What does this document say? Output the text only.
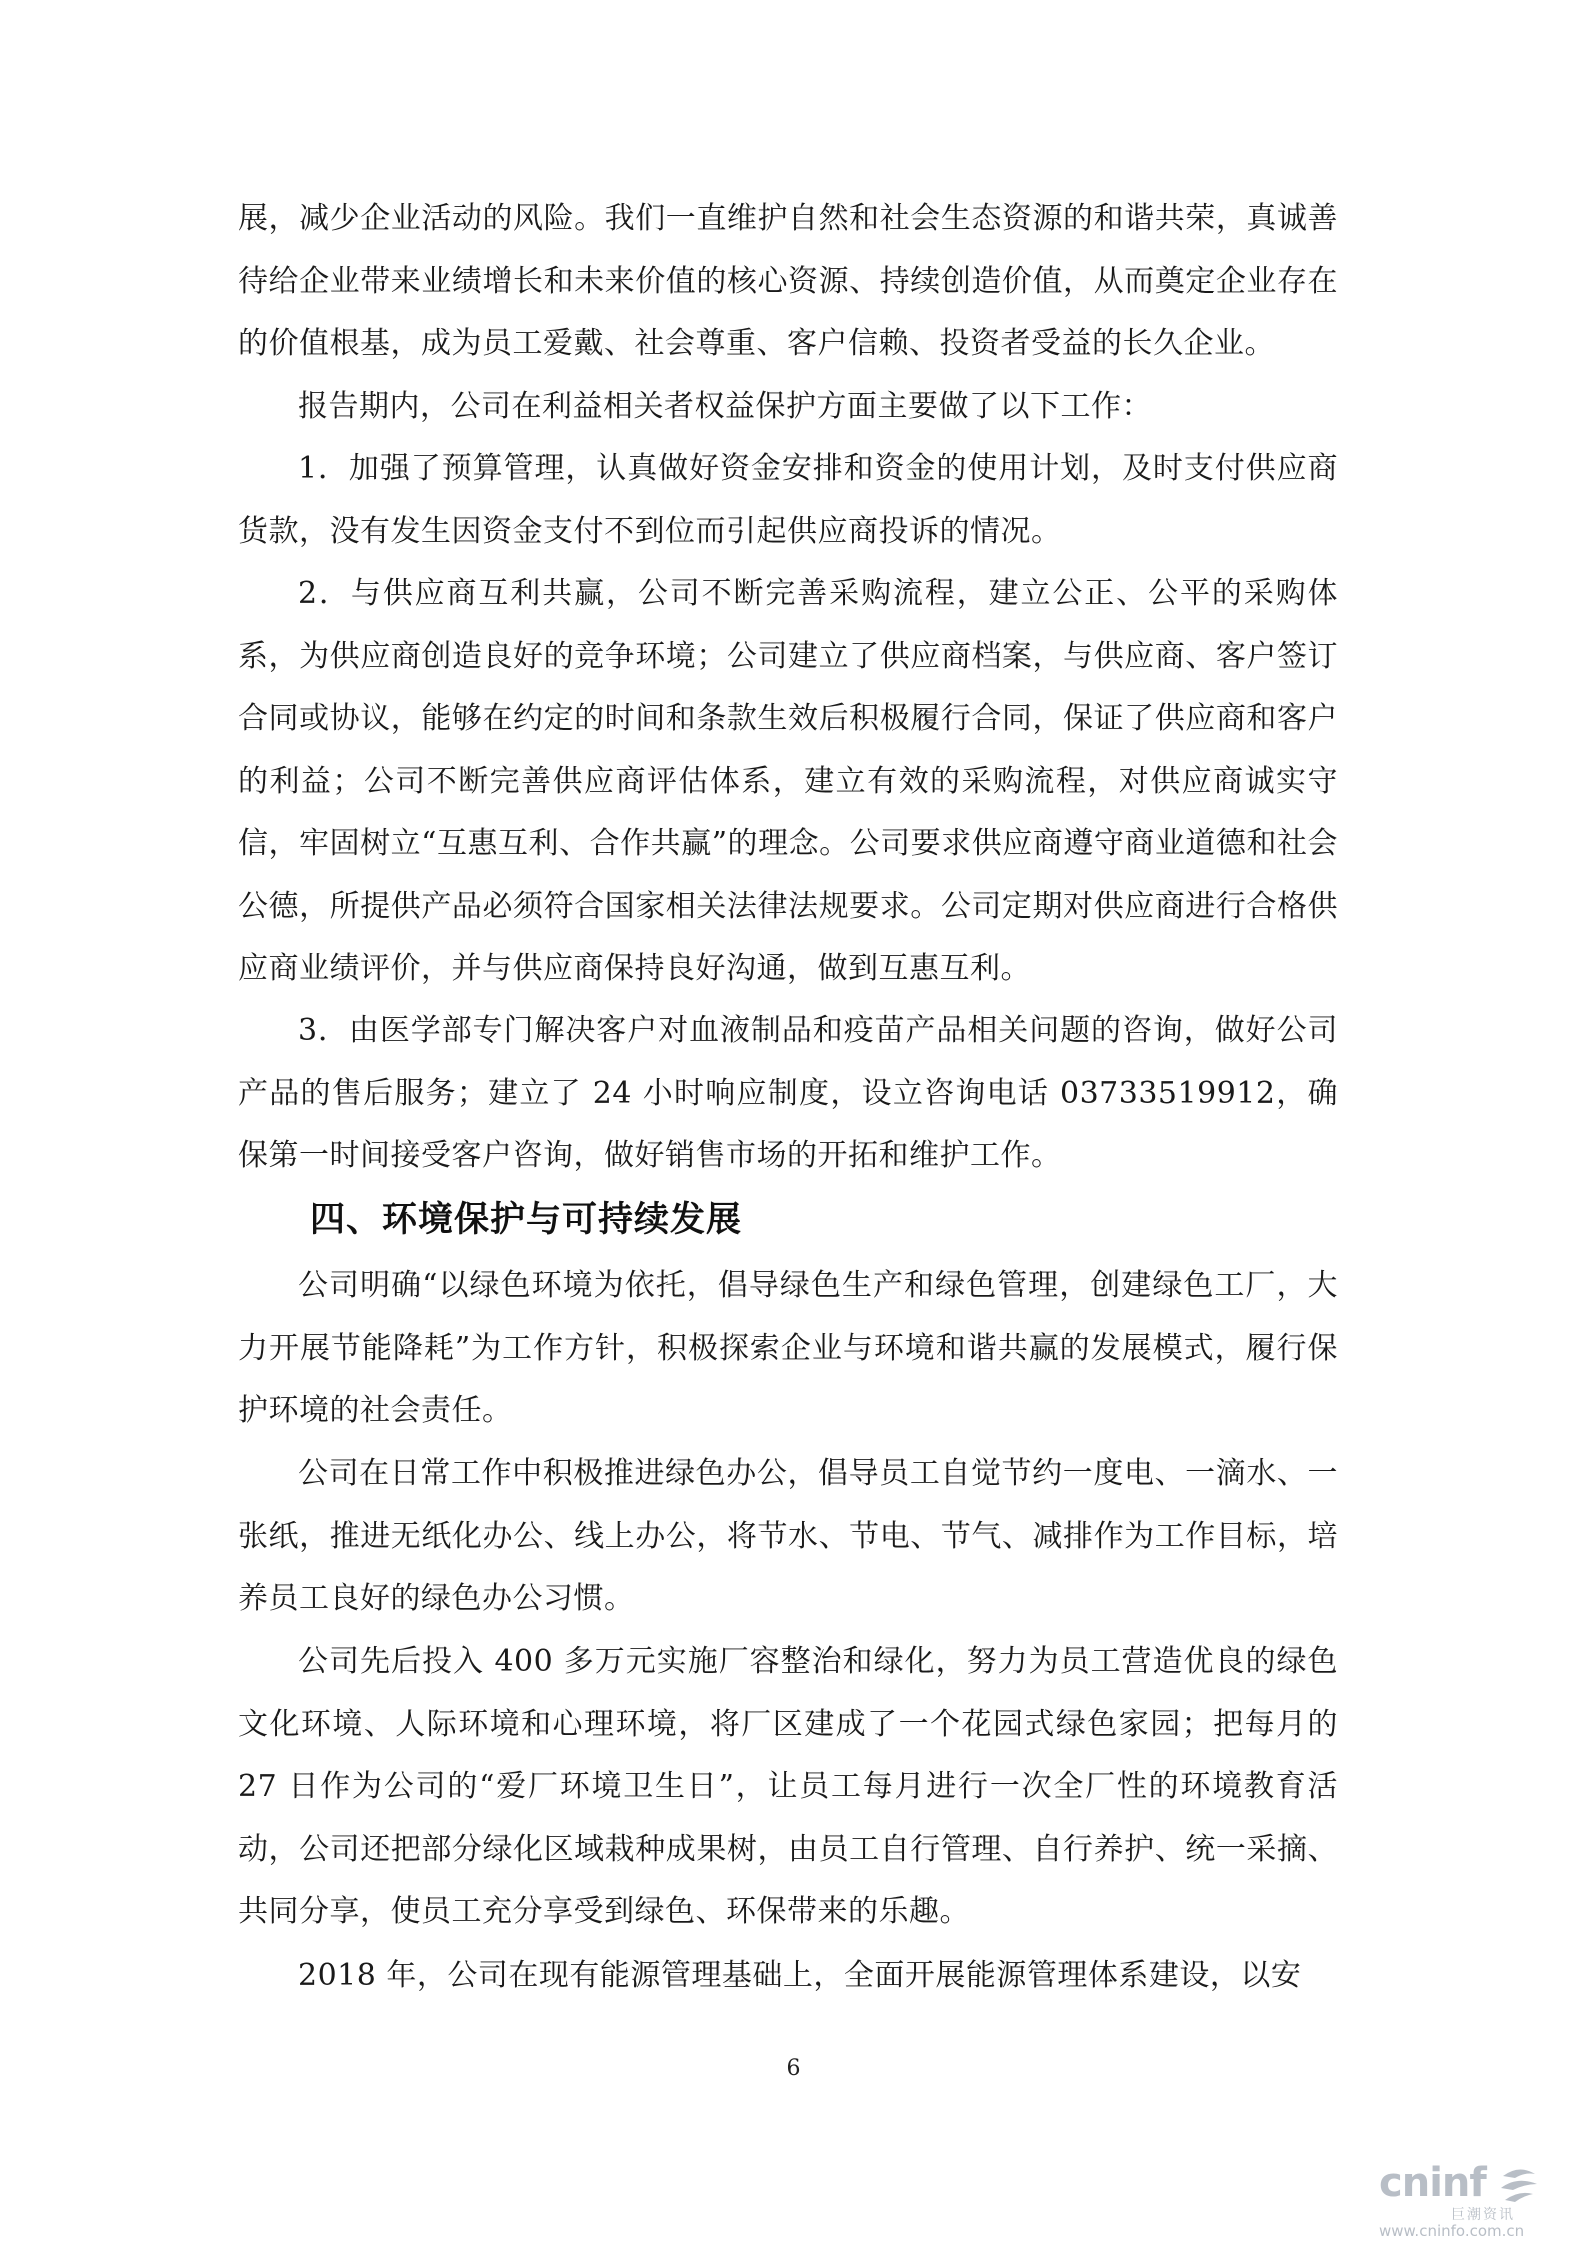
展，减少企业活动的风险。我们一直维护自然和社会生态资源的和谐共荣，真诚善待给企业带来业绩增长和未来价值的核心资源、持续创造价值，从而奠定企业存在的价值根基，成为员工爱戴、社会尊重、客户信赖、投资者受益的长久企业。

报告期内，公司在利益相关者权益保护方面主要做了以下工作：

1．加强了预算管理，认真做好资金安排和资金的使用计划，及时支付供应商货款，没有发生因资金支付不到位而引起供应商投诉的情况。

2．与供应商互利共赢，公司不断完善采购流程，建立公正、公平的采购体系，为供应商创造良好的竞争环境；公司建立了供应商档案，与供应商、客户签订合同或协议，能够在约定的时间和条款生效后积极履行合同，保证了供应商和客户的利益；公司不断完善供应商评估体系，建立有效的采购流程，对供应商诚实守信，牢固树立“互惠互利、合作共赢”的理念。公司要求供应商遵守商业道德和社会公德，所提供产品必须符合国家相关法律法规要求。公司定期对供应商进行合格供应商业绩评价，并与供应商保持良好沟通，做到互惠互利。

3．由医学部专门解决客户对血液制品和疫苗产品相关问题的咨询，做好公司产品的售后服务；建立了 24 小时响应制度，设立咨询电话 03733519912，确保第一时间接受客户咨询，做好销售市场的开拓和维护工作。

四、环境保护与可持续发展

公司明确“以绿色环境为依托，倡导绿色生产和绿色管理，创建绿色工厂，大力开展节能降耗”为工作方针，积极探索企业与环境和谐共赢的发展模式，履行保护环境的社会责任。

公司在日常工作中积极推进绿色办公，倡导员工自觉节约一度电、一滴水、一张纸，推进无纸化办公、线上办公，将节水、节电、节气、减排作为工作目标，培养员工良好的绿色办公习惯。

公司先后投入 400 多万元实施厂容整治和绿化，努力为员工营造优良的绿色文化环境、人际环境和心理环境，将厂区建成了一个花园式绿色家园；把每月的 27 日作为公司的“爱厂环境卫生日”，让员工每月进行一次全厂性的环境教育活动，公司还把部分绿化区域栽种成果树，由员工自行管理、自行养护、统一采摘、共同分享，使员工充分享受到绿色、环保带来的乐趣。

2018 年，公司在现有能源管理基础上，全面开展能源管理体系建设，以安

6
cninf
巨潮资讯
www.cninfo.com.cn
